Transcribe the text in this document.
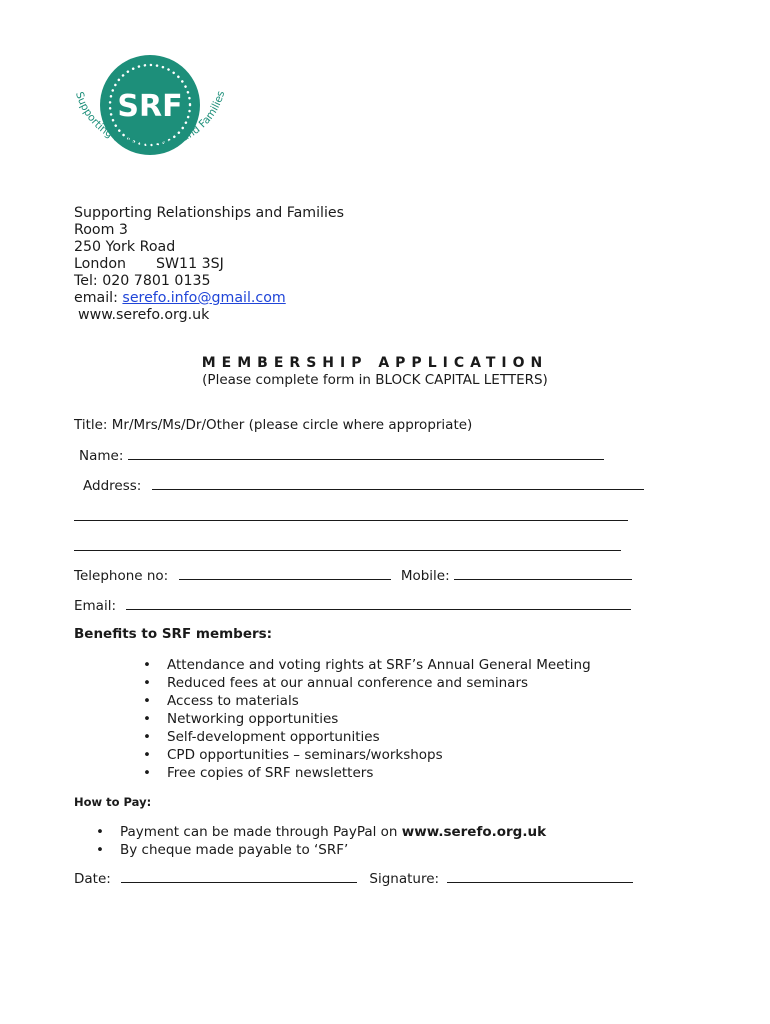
SRF
Supporting Relationships and Families
Supporting Relationships and Families
Room 3
250 York Road
London SW11 3SJ
Tel: 020 7801 0135
email: serefo.info@gmail.com
www.serefo.org.uk
MEMBERSHIP APPLICATION
(Please complete form in BLOCK CAPITAL LETTERS)
Title: Mr/Mrs/Ms/Dr/Other (please circle where appropriate)
Name:
Address:
Telephone no:	Mobile:
Email:
Benefits to SRF members:
• Attendance and voting rights at SRF’s Annual General Meeting
• Reduced fees at our annual conference and seminars
• Access to materials
• Networking opportunities
• Self-development opportunities
• CPD opportunities – seminars/workshops
• Free copies of SRF newsletters
How to Pay:
• Payment can be made through PayPal on www.serefo.org.uk
• By cheque made payable to ‘SRF’
Date:	Signature:
